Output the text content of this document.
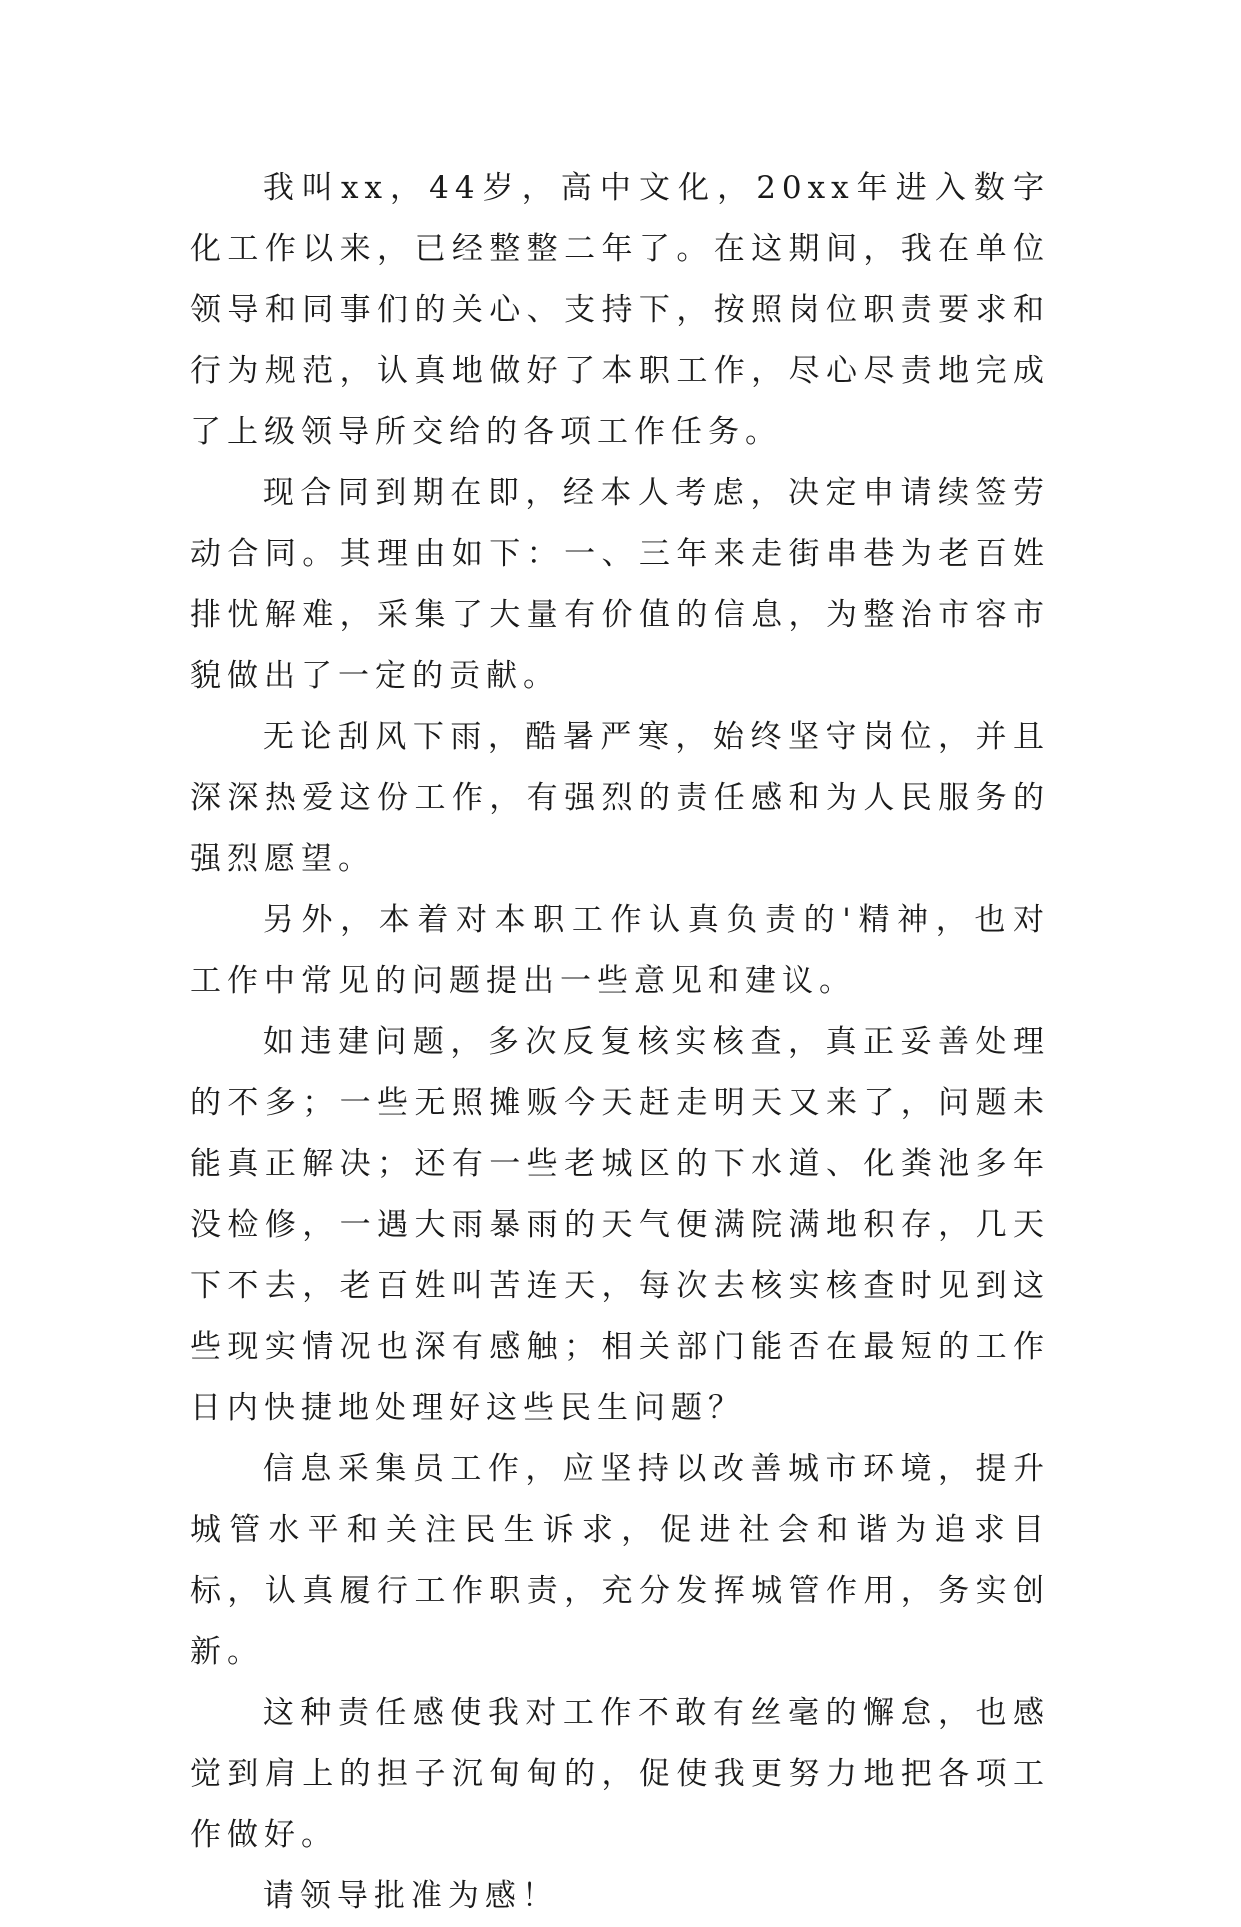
我叫xx，44岁，高中文化，20xx年进入数字化工作以来，已经整整二年了。在这期间，我在单位领导和同事们的关心、支持下，按照岗位职责要求和行为规范，认真地做好了本职工作，尽心尽责地完成了上级领导所交给的各项工作任务。

现合同到期在即，经本人考虑，决定申请续签劳动合同。其理由如下：一、三年来走街串巷为老百姓排忧解难，采集了大量有价值的信息，为整治市容市貌做出了一定的贡献。

无论刮风下雨，酷暑严寒，始终坚守岗位，并且深深热爱这份工作，有强烈的责任感和为人民服务的强烈愿望。

另外，本着对本职工作认真负责的'精神，也对工作中常见的问题提出一些意见和建议。

如违建问题，多次反复核实核查，真正妥善处理的不多；一些无照摊贩今天赶走明天又来了，问题未能真正解决；还有一些老城区的下水道、化粪池多年没检修，一遇大雨暴雨的天气便满院满地积存，几天下不去，老百姓叫苦连天，每次去核实核查时见到这些现实情况也深有感触；相关部门能否在最短的工作日内快捷地处理好这些民生问题？

信息采集员工作，应坚持以改善城市环境，提升城管水平和关注民生诉求，促进社会和谐为追求目标，认真履行工作职责，充分发挥城管作用，务实创新。

这种责任感使我对工作不敢有丝毫的懈怠，也感觉到肩上的担子沉甸甸的，促使我更努力地把各项工作做好。

请领导批准为感！
